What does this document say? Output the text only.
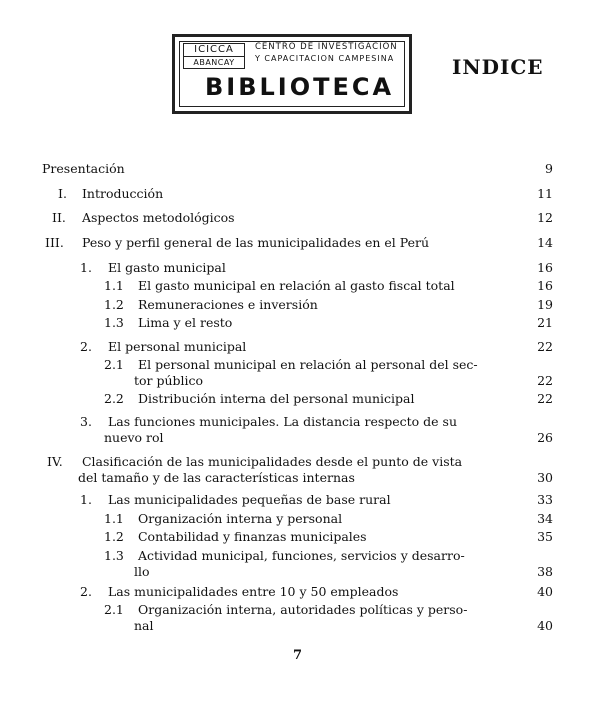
ICICCA
ABANCAY
CENTRO DE INVESTIGACION
Y CAPACITACION CAMPESINA
BIBLIOTECA
INDICE
Presentación	9
I. Introducción	11
II. Aspectos metodológicos	12
III. Peso y perfil general de las municipalidades en el Perú	14
1. El gasto municipal	16
1.1 El gasto municipal en relación al gasto fiscal total	16
1.2 Remuneraciones e inversión	19
1.3 Lima y el resto	21
2. El personal municipal	22
2.1 El personal municipal en relación al personal del sec-
tor público	22
2.2 Distribución interna del personal municipal	22
3. Las funciones municipales. La distancia respecto de su
nuevo rol	26
IV. Clasificación de las municipalidades desde el punto de vista
del tamaño y de las características internas	30
1. Las municipalidades pequeñas de base rural	33
1.1 Organización interna y personal	34
1.2 Contabilidad y finanzas municipales	35
1.3 Actividad municipal, funciones, servicios y desarro-
llo	38
2. Las municipalidades entre 10 y 50 empleados	40
2.1 Organización interna, autoridades políticas y perso-
nal	40
7
